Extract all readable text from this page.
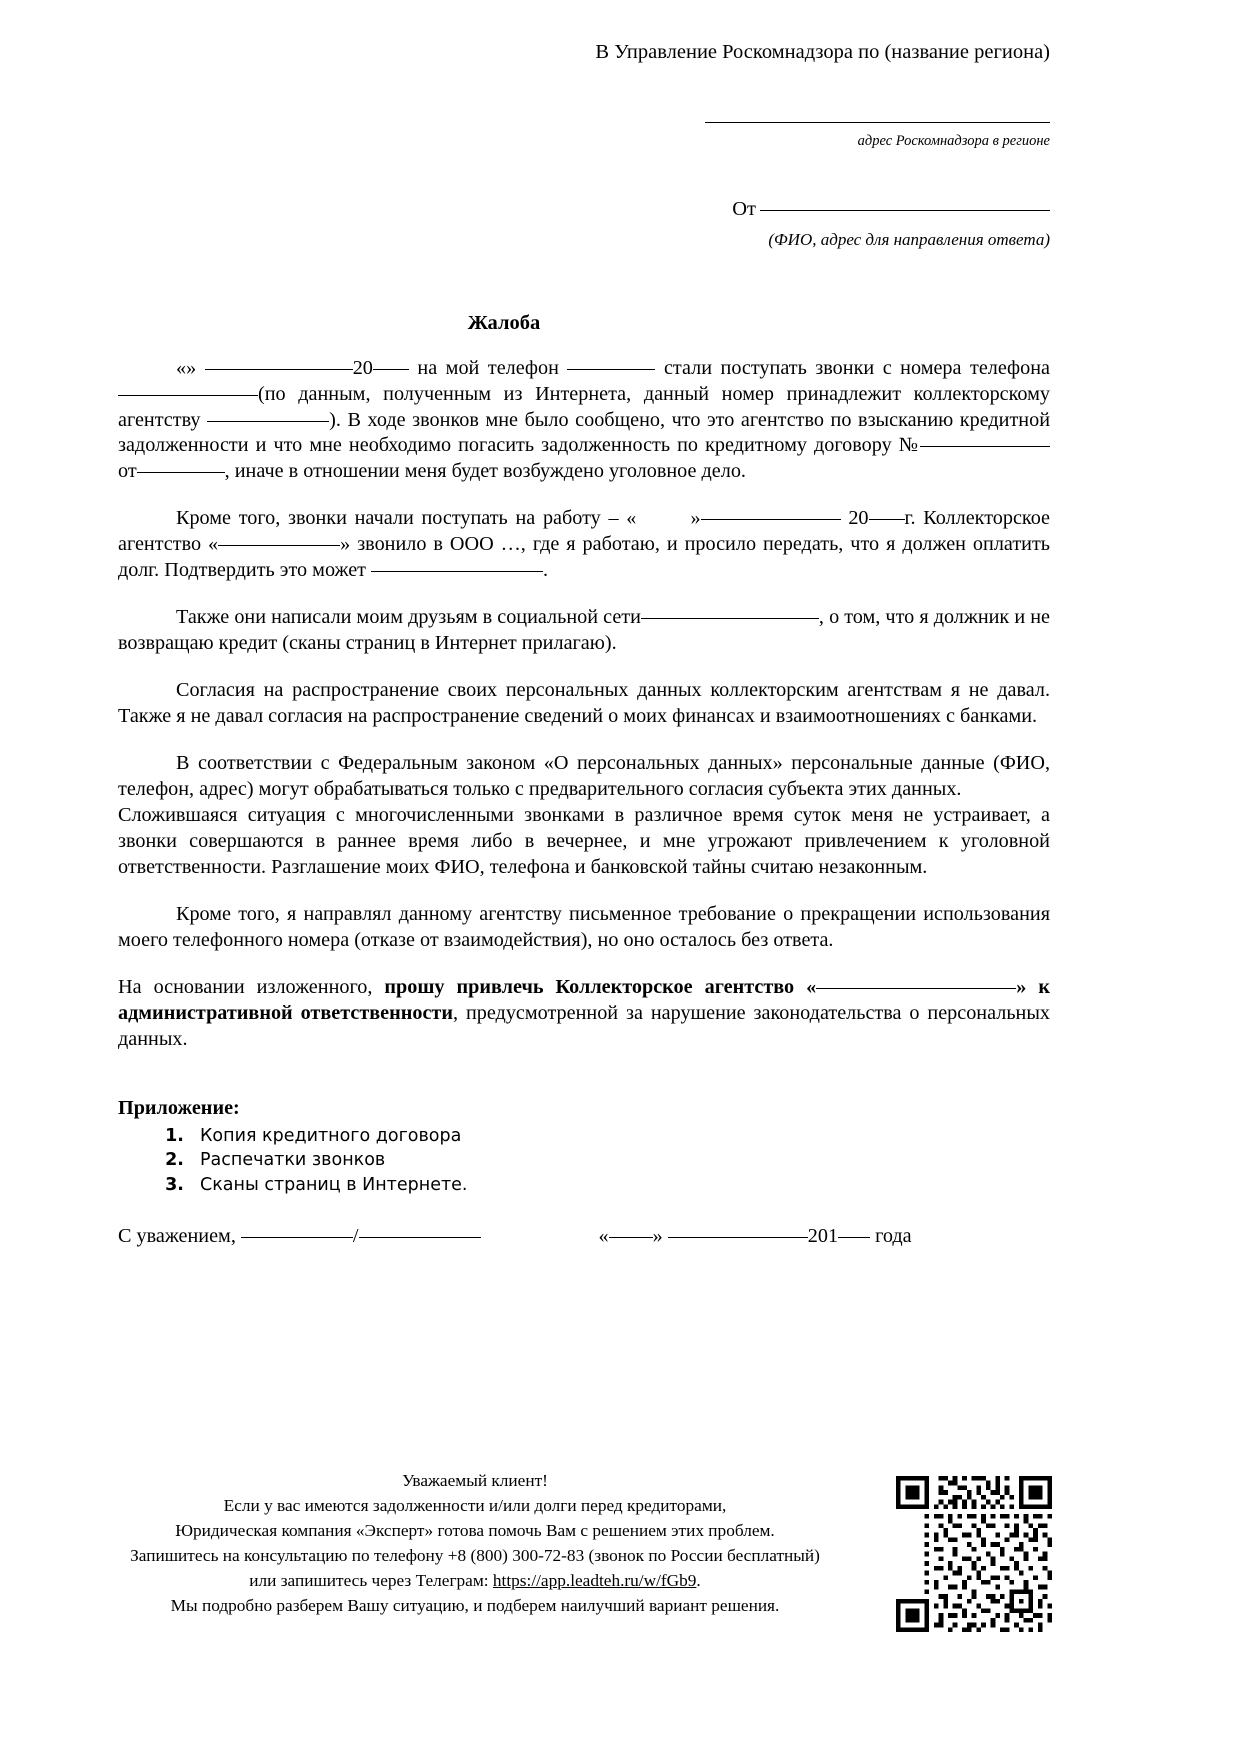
В Управление Роскомнадзора по (название региона)
адрес Роскомнадзора в регионе
От
(ФИО, адрес для направления ответа)
Жалоба

«»	20 на мой телефон	стали поступать звонки с номера телефона (по данным, полученным из Интернета, данный номер принадлежит коллекторскому агентству	). В ходе звонков мне было сообщено, что это агентство по взысканию кредитной задолженности и что мне необходимо погасить задолженность по кредитному договору № от	, иначе в отношении меня будет возбуждено уголовное дело.

Кроме того, звонки начали поступать на работу – «	»	20 г. Коллекторское агентство «	» звонило в ООО …, где я работаю, и просило передать, что я должен оплатить долг. Подтвердить это может	.

Также они написали моим друзьям в социальной сети	, о том, что я должник и не возвращаю кредит (сканы страниц в Интернет прилагаю).

Согласия на распространение своих персональных данных коллекторским агентствам я не давал. Также я не давал согласия на распространение сведений о моих финансах и взаимоотношениях с банками.

В соответствии с Федеральным законом «О персональных данных» персональные данные (ФИО, телефон, адрес) могут обрабатываться только с предварительного согласия субъекта этих данных.

Сложившаяся ситуация с многочисленными звонками в различное время суток меня не устраивает, а звонки совершаются в раннее время либо в вечернее, и мне угрожают привлечением к уголовной ответственности. Разглашение моих ФИО, телефона и банковской тайны считаю незаконным.

Кроме того, я направлял данному агентству письменное требование о прекращении использования моего телефонного номера (отказе от взаимодействия), но оно осталось без ответа.

На основании изложенного, прошу привлечь Коллекторское агентство «	» к административной ответственности, предусмотренной за нарушение законодательства о персональных данных.

Приложение:
1. Копия кредитного договора
2. Распечатки звонков
3. Сканы страниц в Интернете.
С уважением,	/	« »	201 года
Уважаемый клиент!
Если у вас имеются задолженности и/или долги перед кредиторами,
Юридическая компания «Эксперт» готова помочь Вам с решением этих проблем.
Запишитесь на консультацию по телефону +8 (800) 300-72-83 (звонок по России бесплатный)
или запишитесь через Телеграм: https://app.leadteh.ru/w/fGb9.
Мы подробно разберем Вашу ситуацию, и подберем наилучший вариант решения.
